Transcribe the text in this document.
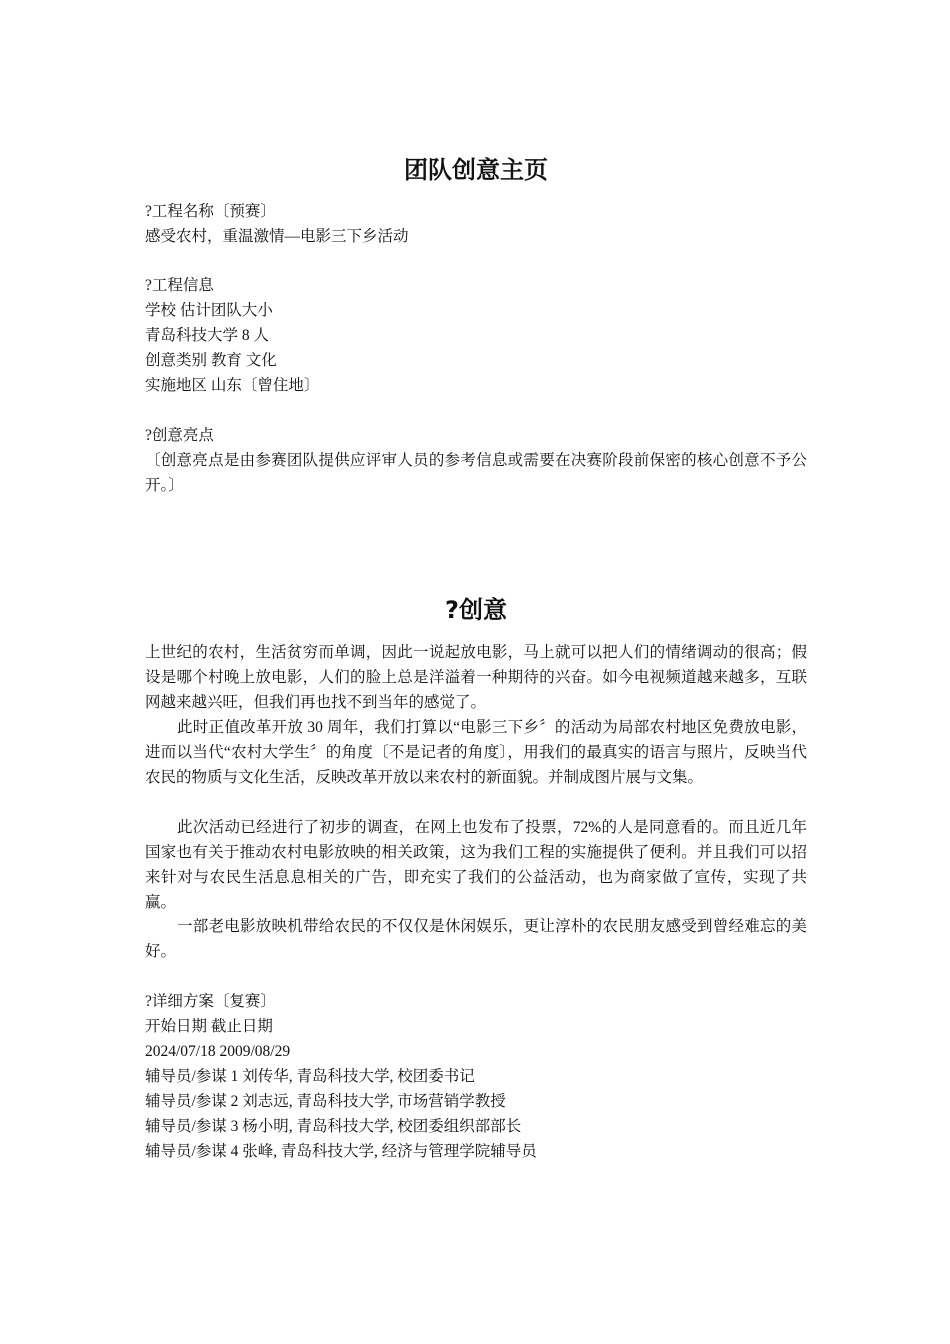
团队创意主页
?工程名称〔预赛〕
感受农村，重温激情—电影三下乡活动
?工程信息
学校 估计团队大小
青岛科技大学 8 人
创意类别 教育 文化
实施地区 山东〔曾住地〕
?创意亮点
〔创意亮点是由参赛团队提供应评审人员的参考信息或需要在决赛阶段前保密的核心创意不予公开。〕
?创意
上世纪的农村，生活贫穷而单调，因此一说起放电影，马上就可以把人们的情绪调动的很高；假设是哪个村晚上放电影，人们的脸上总是洋溢着一种期待的兴奋。如今电视频道越来越多，互联网越来越兴旺，但我们再也找不到当年的感觉了。
此时正值改革开放 30 周年，我们打算以“电影三下乡〞的活动为局部农村地区免费放电影，进而以当代“农村大学生〞的角度〔不是记者的角度〕，用我们的最真实的语言与照片，反映当代农民的物质与文化生活，反映改革开放以来农村的新面貌。并制成图片展与文集。
此次活动已经进行了初步的调查，在网上也发布了投票，72%的人是同意看的。而且近几年国家也有关于推动农村电影放映的相关政策，这为我们工程的实施提供了便利。并且我们可以招来针对与农民生活息息相关的广告，即充实了我们的公益活动，也为商家做了宣传，实现了共赢。
一部老电影放映机带给农民的不仅仅是休闲娱乐，更让淳朴的农民朋友感受到曾经难忘的美好。
?详细方案〔复赛〕
开始日期 截止日期
2024/07/18 2009/08/29
辅导员/参谋 1 刘传华, 青岛科技大学, 校团委书记
辅导员/参谋 2 刘志远, 青岛科技大学, 市场营销学教授
辅导员/参谋 3 杨小明, 青岛科技大学, 校团委组织部部长
辅导员/参谋 4 张峰, 青岛科技大学, 经济与管理学院辅导员
